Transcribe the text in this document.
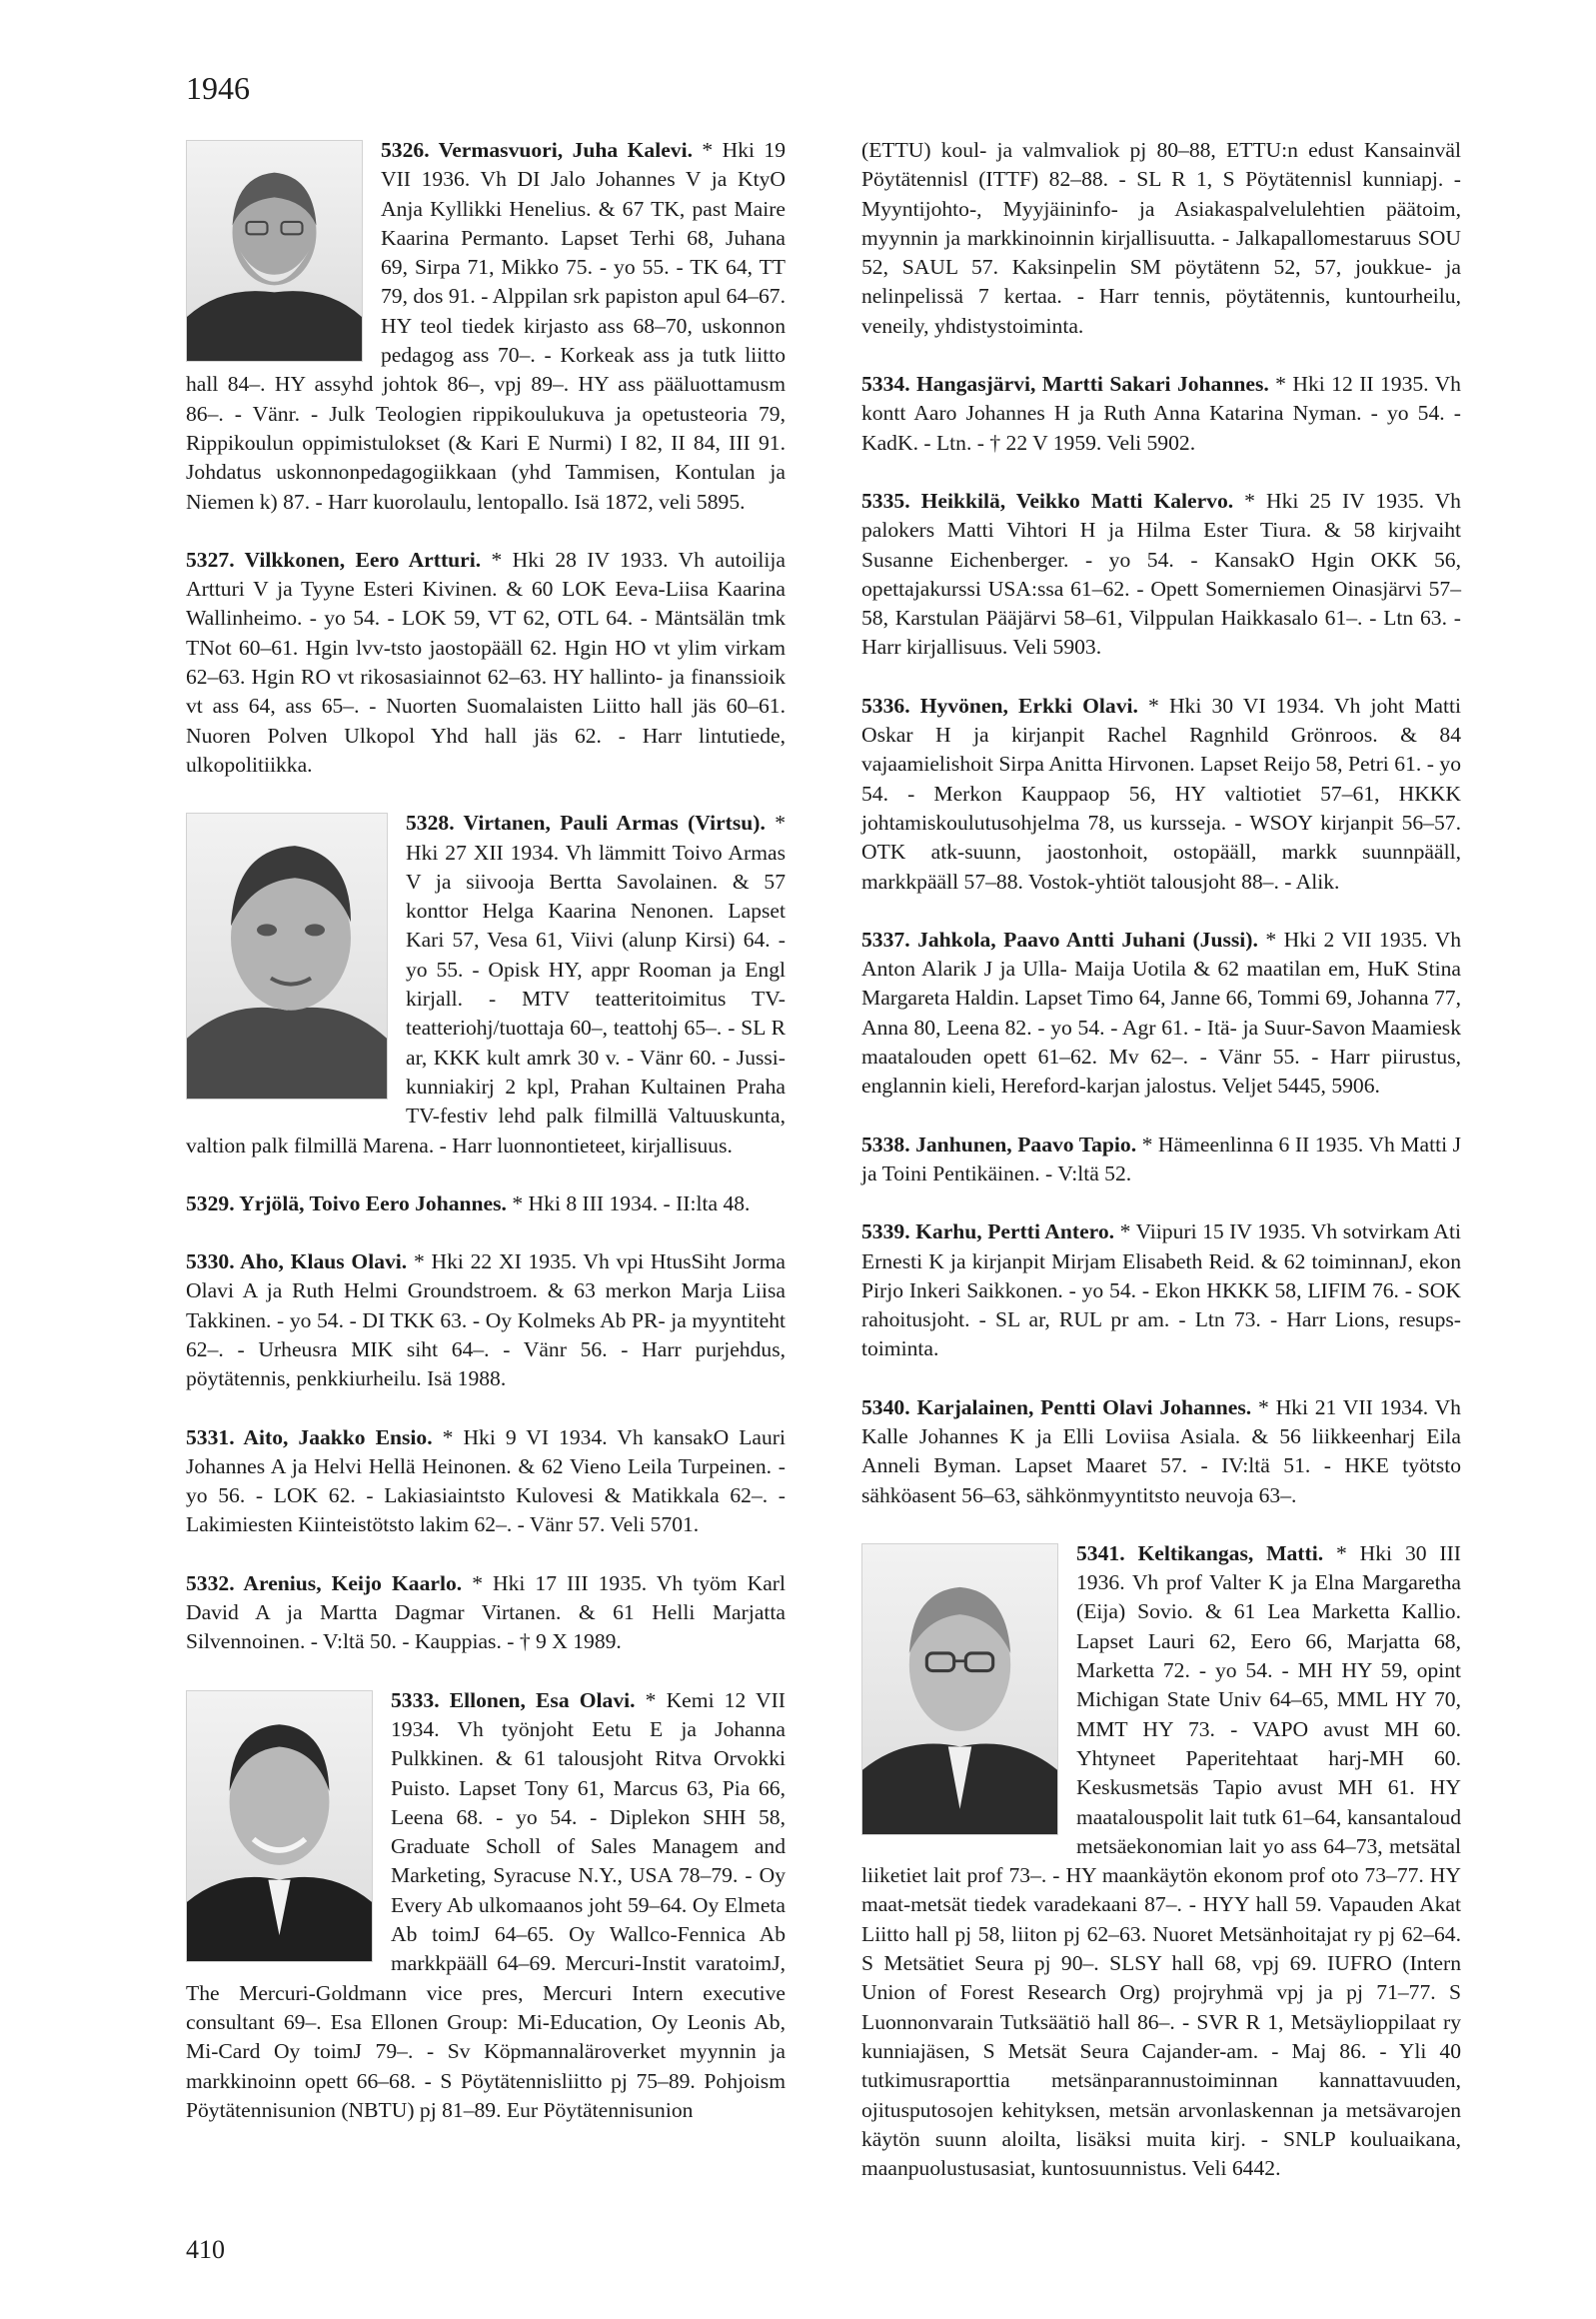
1946

5326. Vermasvuori, Juha Kalevi. * Hki 19 VII 1936. Vh DI Jalo Johannes V ja KtyO Anja Kyllikki Henelius. & 67 TK, past Maire Kaarina Permanto. Lapset Terhi 68, Juhana 69, Sirpa 71, Mikko 75. - yo 55. - TK 64, TT 79, dos 91. - Alppilan srk papiston apul 64–67. HY teol tiedek kirjasto ass 68–70, uskonnon pedagog ass 70–. - Korkeak ass ja tutk liitto hall 84–. HY assyhd johtok 86–, vpj 89–. HY ass pääluottamusm 86–. - Vänr. - Julk Teologien rippikoulukuva ja opetusteoria 79, Rippikoulun oppimistulokset (& Kari E Nurmi) I 82, II 84, III 91. Johdatus uskonnonpedagogiikkaan (yhd Tammisen, Kontulan ja Niemen k) 87. - Harr kuorolaulu, lentopallo. Isä 1872, veli 5895.

5327. Vilkkonen, Eero Artturi. * Hki 28 IV 1933. Vh autoilija Artturi V ja Tyyne Esteri Kivinen. & 60 LOK Eeva-Liisa Kaarina Wallinheimo. - yo 54. - LOK 59, VT 62, OTL 64. - Mäntsälän tmk TNot 60–61. Hgin lvv-tsto jaostopääll 62. Hgin HO vt ylim virkam 62–63. Hgin RO vt rikosasiainnot 62–63. HY hallinto- ja finanssioik vt ass 64, ass 65–. - Nuorten Suomalaisten Liitto hall jäs 60–61. Nuoren Polven Ulkopol Yhd hall jäs 62. - Harr lintutiede, ulkopolitiikka.

5328. Virtanen, Pauli Armas (Virtsu). * Hki 27 XII 1934. Vh lämmitt Toivo Armas V ja siivooja Bertta Savolainen. & 57 konttor Helga Kaarina Nenonen. Lapset Kari 57, Vesa 61, Viivi (alunp Kirsi) 64. - yo 55. - Opisk HY, appr Rooman ja Engl kirjall. - MTV teatteritoimitus TV-teatteriohj/tuottaja 60–, teattohj 65–. - SL R ar, KKK kult amrk 30 v. - Vänr 60. - Jussi-kunniakirj 2 kpl, Prahan Kultainen Praha TV-festiv lehd palk filmillä Valtuuskunta, valtion palk filmillä Marena. - Harr luonnontieteet, kirjallisuus.

5329. Yrjölä, Toivo Eero Johannes. * Hki 8 III 1934. - II:lta 48.

5330. Aho, Klaus Olavi. * Hki 22 XI 1935. Vh vpi HtusSiht Jorma Olavi A ja Ruth Helmi Groundstroem. & 63 merkon Marja Liisa Takkinen. - yo 54. - DI TKK 63. - Oy Kolmeks Ab PR- ja myyntiteht 62–. - Urheusra MIK siht 64–. - Vänr 56. - Harr purjehdus, pöytätennis, penkkiurheilu. Isä 1988.

5331. Aito, Jaakko Ensio. * Hki 9 VI 1934. Vh kansakO Lauri Johannes A ja Helvi Hellä Heinonen. & 62 Vieno Leila Turpeinen. - yo 56. - LOK 62. - Lakiasiaintsto Kulovesi & Matikkala 62–. - Lakimiesten Kiinteistötsto lakim 62–. - Vänr 57. Veli 5701.

5332. Arenius, Keijo Kaarlo. * Hki 17 III 1935. Vh työm Karl David A ja Martta Dagmar Virtanen. & 61 Helli Marjatta Silvennoinen. - V:ltä 50. - Kauppias. - † 9 X 1989.

5333. Ellonen, Esa Olavi. * Kemi 12 VII 1934. Vh työnjoht Eetu E ja Johanna Pulkkinen. & 61 talousjoht Ritva Orvokki Puisto. Lapset Tony 61, Marcus 63, Pia 66, Leena 68. - yo 54. - Diplekon SHH 58, Graduate Scholl of Sales Managem and Marketing, Syracuse N.Y., USA 78–79. - Oy Every Ab ulkomaanos joht 59–64. Oy Elmeta Ab toimJ 64–65. Oy Wallco-Fennica Ab markkpääll 64–69. Mercuri-Instit varatoimJ, The Mercuri-Goldmann vice pres, Mercuri Intern executive consultant 69–. Esa Ellonen Group: Mi-Education, Oy Leonis Ab, Mi-Card Oy toimJ 79–. - Sv Köpmannaläroverket myynnin ja markkinoinn opett 66–68. - S Pöytätennisliitto pj 75–89. Pohjoism Pöytätennisunion (NBTU) pj 81–89. Eur Pöytätennisunion

(ETTU) koul- ja valmvaliok pj 80–88, ETTU:n edust Kansainväl Pöytätennisl (ITTF) 82–88. - SL R 1, S Pöytätennisl kunniapj. - Myyntijohto-, Myyjäininfo- ja Asiakaspalvelulehtien päätoim, myynnin ja markkinoinnin kirjallisuutta. - Jalkapallomestaruus SOU 52, SAUL 57. Kaksinpelin SM pöytätenn 52, 57, joukkue- ja nelinpelissä 7 kertaa. - Harr tennis, pöytätennis, kuntourheilu, veneily, yhdistystoiminta.

5334. Hangasjärvi, Martti Sakari Johannes. * Hki 12 II 1935. Vh kontt Aaro Johannes H ja Ruth Anna Katarina Nyman. - yo 54. - KadK. - Ltn. - † 22 V 1959. Veli 5902.

5335. Heikkilä, Veikko Matti Kalervo. * Hki 25 IV 1935. Vh palokers Matti Vihtori H ja Hilma Ester Tiura. & 58 kirjvaiht Susanne Eichenberger. - yo 54. - KansakO Hgin OKK 56, opettajakurssi USA:ssa 61–62. - Opett Somerniemen Oinasjärvi 57–58, Karstulan Pääjärvi 58–61, Vilppulan Haikkasalo 61–. - Ltn 63. - Harr kirjallisuus. Veli 5903.

5336. Hyvönen, Erkki Olavi. * Hki 30 VI 1934. Vh joht Matti Oskar H ja kirjanpit Rachel Ragnhild Grönroos. & 84 vajaamielishoit Sirpa Anitta Hirvonen. Lapset Reijo 58, Petri 61. - yo 54. - Merkon Kauppaop 56, HY valtiotiet 57–61, HKKK johtamiskoulutusohjelma 78, us kursseja. - WSOY kirjanpit 56–57. OTK atk-suunn, jaostonhoit, ostopääll, markk suunnpääll, markkpääll 57–88. Vostok-yhtiöt talousjoht 88–. - Alik.

5337. Jahkola, Paavo Antti Juhani (Jussi). * Hki 2 VII 1935. Vh Anton Alarik J ja Ulla- Maija Uotila & 62 maatilan em, HuK Stina Margareta Haldin. Lapset Timo 64, Janne 66, Tommi 69, Johanna 77, Anna 80, Leena 82. - yo 54. - Agr 61. - Itä- ja Suur-Savon Maamiesk maatalouden opett 61–62. Mv 62–. - Vänr 55. - Harr piirustus, englannin kieli, Hereford-karjan jalostus. Veljet 5445, 5906.

5338. Janhunen, Paavo Tapio. * Hämeenlinna 6 II 1935. Vh Matti J ja Toini Pentikäinen. - V:ltä 52.

5339. Karhu, Pertti Antero. * Viipuri 15 IV 1935. Vh sotvirkam Ati Ernesti K ja kirjanpit Mirjam Elisabeth Reid. & 62 toiminnanJ, ekon Pirjo Inkeri Saikkonen. - yo 54. - Ekon HKKK 58, LIFIM 76. - SOK rahoitusjoht. - SL ar, RUL pr am. - Ltn 73. - Harr Lions, resups-toiminta.

5340. Karjalainen, Pentti Olavi Johannes. * Hki 21 VII 1934. Vh Kalle Johannes K ja Elli Loviisa Asiala. & 56 liikkeenharj Eila Anneli Byman. Lapset Maaret 57. - IV:ltä 51. - HKE työtsto sähköasent 56–63, sähkönmyyntitsto neuvoja 63–.

5341. Keltikangas, Matti. * Hki 30 III 1936. Vh prof Valter K ja Elna Margaretha (Eija) Sovio. & 61 Lea Marketta Kallio. Lapset Lauri 62, Eero 66, Marjatta 68, Marketta 72. - yo 54. - MH HY 59, opint Michigan State Univ 64–65, MML HY 70, MMT HY 73. - VAPO avust MH 60. Yhtyneet Paperitehtaat harj-MH 60. Keskusmetsäs Tapio avust MH 61. HY maatalouspolit lait tutk 61–64, kansantaloud metsäekonomian lait yo ass 64–73, metsätal liiketiet lait prof 73–. - HY maankäytön ekonom prof oto 73–77. HY maat-metsät tiedek varadekaani 87–. - HYY hall 59. Vapauden Akat Liitto hall pj 58, liiton pj 62–63. Nuoret Metsänhoitajat ry pj 62–64. S Metsätiet Seura pj 90–. SLSY hall 68, vpj 69. IUFRO (Intern Union of Forest Research Org) projryhmä vpj ja pj 71–77. S Luonnonvarain Tutksäätiö hall 86–. - SVR R 1, Metsäylioppilaat ry kunniajäsen, S Metsät Seura Cajander-am. - Maj 86. - Yli 40 tutkimusraporttia metsänparannustoiminnan kannattavuuden, ojitusputosojen kehityksen, metsän arvonlaskennan ja metsävarojen käytön suunn aloilta, lisäksi muita kirj. - SNLP kouluaikana, maanpuolustusasiat, kuntosuunnistus. Veli 6442.

410
